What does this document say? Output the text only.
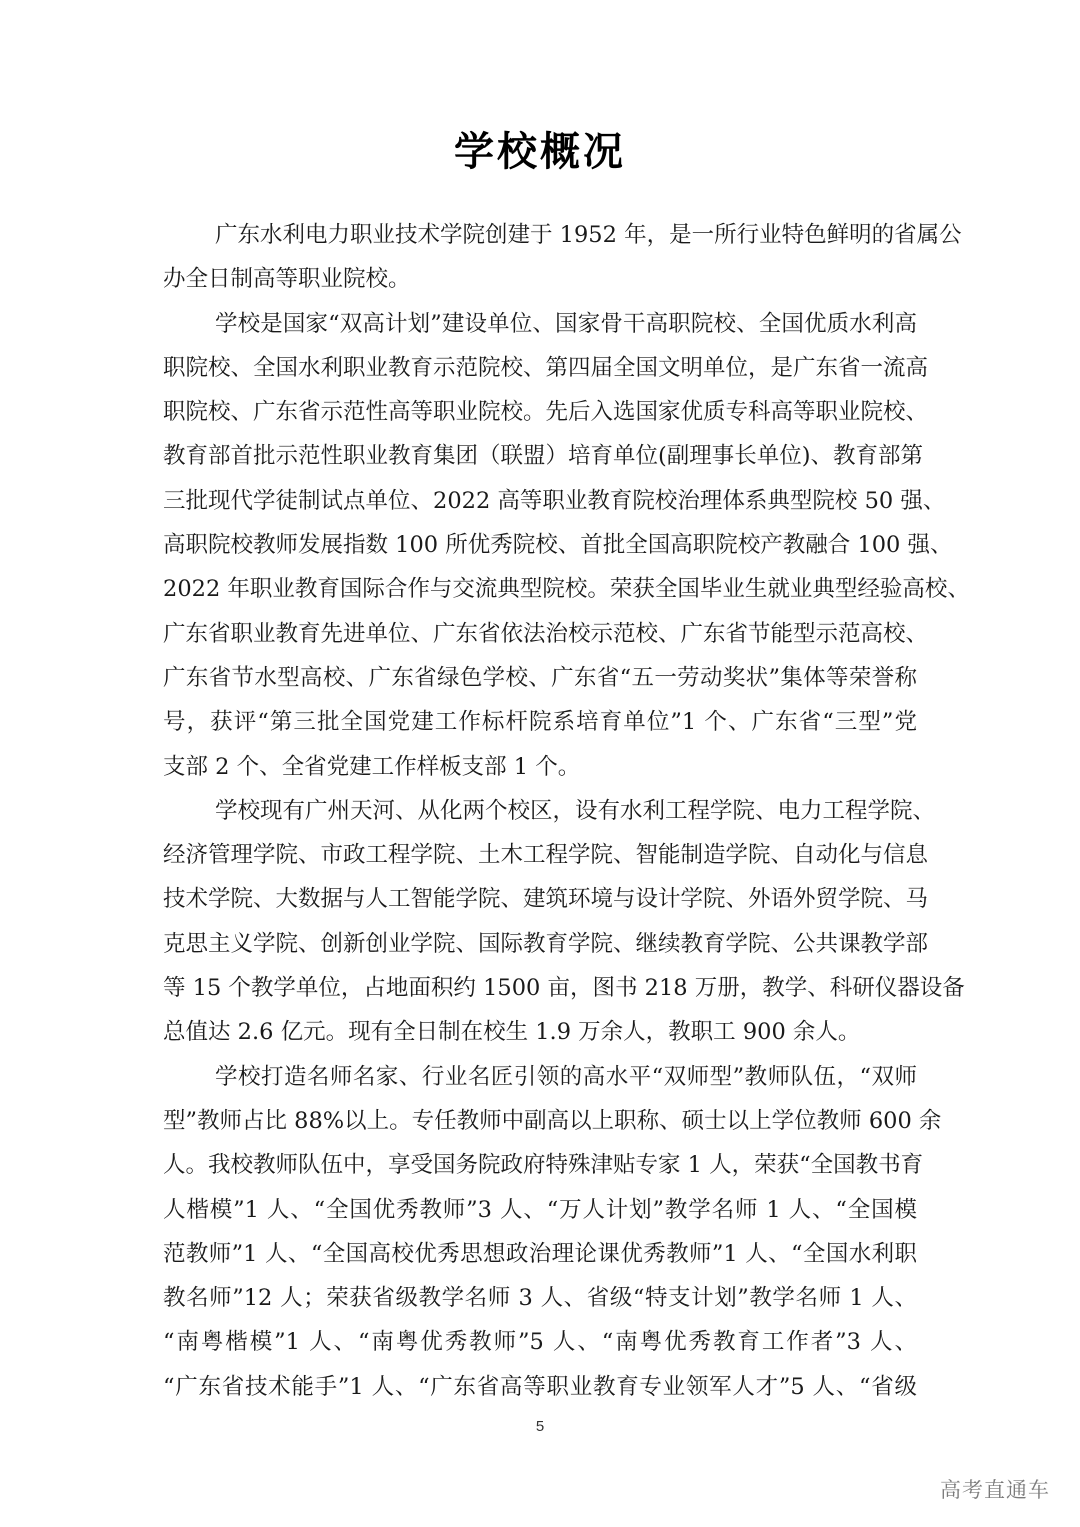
学校概况
广东水利电力职业技术学院创建于 1952 年，是一所行业特色鲜明的省属公
办全日制高等职业院校。
学校是国家“双高计划”建设单位、国家骨干高职院校、全国优质水利高
职院校、全国水利职业教育示范院校、第四届全国文明单位，是广东省一流高
职院校、广东省示范性高等职业院校。先后入选国家优质专科高等职业院校、
教育部首批示范性职业教育集团（联盟）培育单位(副理事长单位)、教育部第
三批现代学徒制试点单位、2022 高等职业教育院校治理体系典型院校 50 强、
高职院校教师发展指数 100 所优秀院校、首批全国高职院校产教融合 100 强、
2022 年职业教育国际合作与交流典型院校。荣获全国毕业生就业典型经验高校、
广东省职业教育先进单位、广东省依法治校示范校、广东省节能型示范高校、
广东省节水型高校、广东省绿色学校、广东省“五一劳动奖状”集体等荣誉称
号，获评“第三批全国党建工作标杆院系培育单位”1 个、广东省“三型”党
支部 2 个、全省党建工作样板支部 1 个。
学校现有广州天河、从化两个校区，设有水利工程学院、电力工程学院、
经济管理学院、市政工程学院、土木工程学院、智能制造学院、自动化与信息
技术学院、大数据与人工智能学院、建筑环境与设计学院、外语外贸学院、马
克思主义学院、创新创业学院、国际教育学院、继续教育学院、公共课教学部
等 15 个教学单位，占地面积约 1500 亩，图书 218 万册，教学、科研仪器设备
总值达 2.6 亿元。现有全日制在校生 1.9 万余人，教职工 900 余人。
学校打造名师名家、行业名匠引领的高水平“双师型”教师队伍，“双师
型”教师占比 88%以上。专任教师中副高以上职称、硕士以上学位教师 600 余
人。我校教师队伍中，享受国务院政府特殊津贴专家 1 人，荣获“全国教书育
人楷模”1 人、“全国优秀教师”3 人、“万人计划”教学名师 1 人、“全国模
范教师”1 人、“全国高校优秀思想政治理论课优秀教师”1 人、“全国水利职
教名师”12 人；荣获省级教学名师 3 人、省级“特支计划”教学名师 1 人、
“南粤楷模”1 人、“南粤优秀教师”5 人、“南粤优秀教育工作者”3 人、
“广东省技术能手”1 人、“广东省高等职业教育专业领军人才”5 人、“省级
5
高考直通车
